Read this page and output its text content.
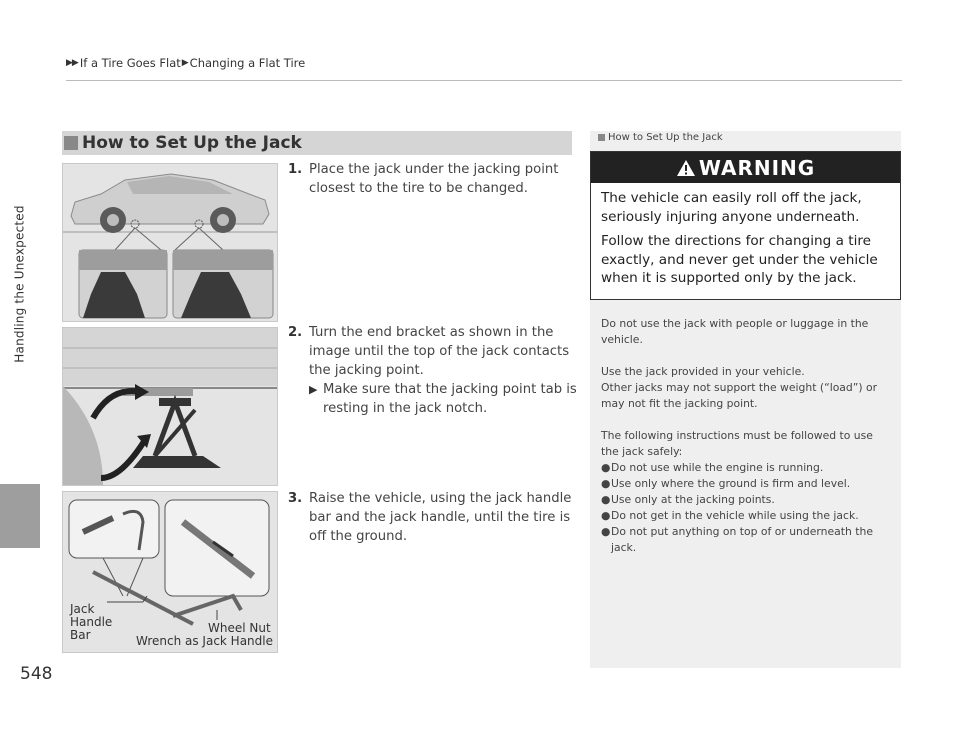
▶ ▶ If a Tire Goes Flat ▶ Changing a Flat Tire
Handling the Unexpected
548
How to Set Up the Jack
Jack
Handle
Bar	Wheel Nut
Wrench as Jack Handle
1. Place the jack under the jacking point closest to the tire to be changed.
2. Turn the end bracket as shown in the image until the top of the jack contacts the jacking point.
▶ Make sure that the jacking point tab is resting in the jack notch.
3. Raise the vehicle, using the jack handle bar and the jack handle, until the tire is off the ground.
How to Set Up the Jack
WARNING

The vehicle can easily roll off the jack, seriously injuring anyone underneath.

Follow the directions for changing a tire exactly, and never get under the vehicle when it is supported only by the jack.

Do not use the jack with people or luggage in the vehicle.

Use the jack provided in your vehicle.
Other jacks may not support the weight (“load”) or may not fit the jacking point.

The following instructions must be followed to use the jack safely:
● Do not use while the engine is running.
● Use only where the ground is firm and level.
● Use only at the jacking points.
● Do not get in the vehicle while using the jack.
● Do not put anything on top of or underneath the jack.
